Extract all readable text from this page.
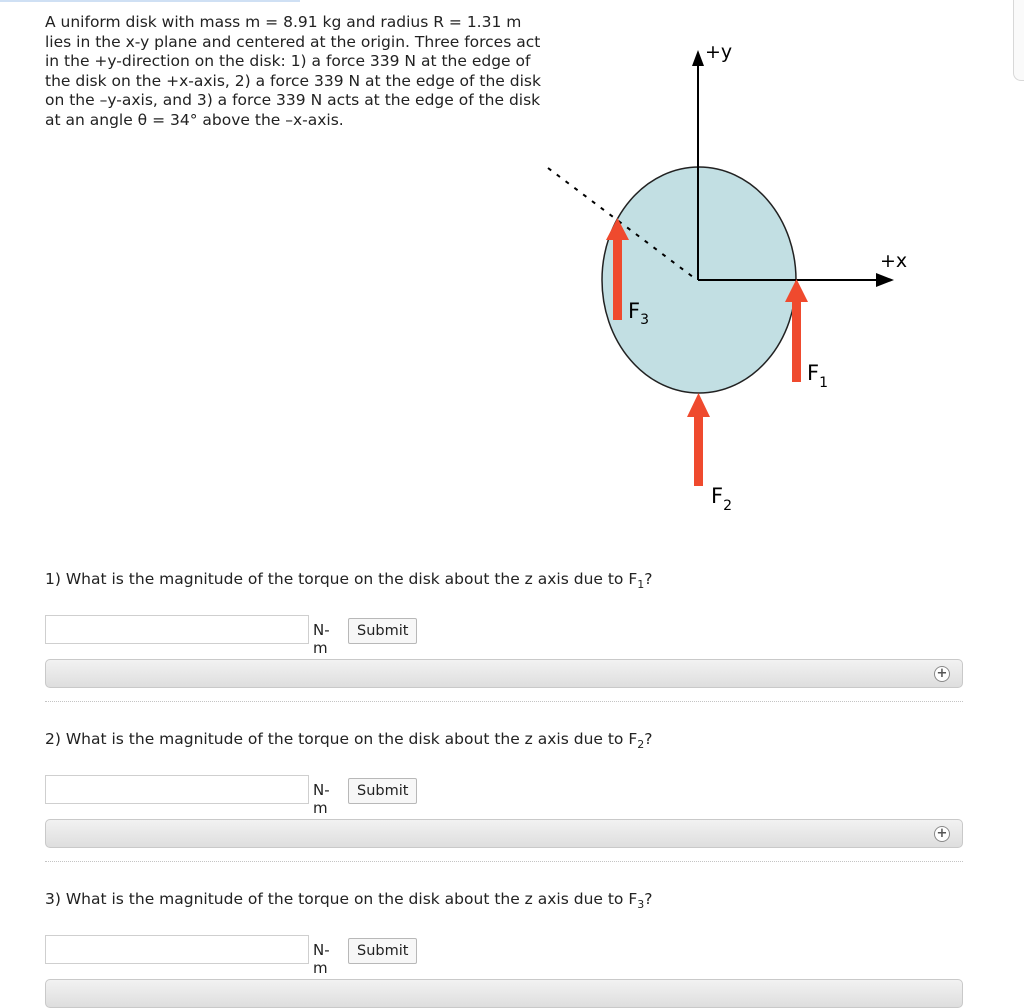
A uniform disk with mass m = 8.91 kg and radius R = 1.31 m lies in the x-y plane and centered at the origin. Three forces act in the +y-direction on the disk: 1) a force 339 N at the edge of the disk on the +x-axis, 2) a force 339 N at the edge of the disk on the –y-axis, and 3) a force 339 N acts at the edge of the disk at an angle θ = 34° above the –x-axis.
+y
+x
$F_3$
$F_1$
$F_2$
1) What is the magnitude of the torque on the disk about the z axis due to $F_1$?
N-m
Submit
+
2) What is the magnitude of the torque on the disk about the z axis due to $F_2$?
N-m
Submit
+
3) What is the magnitude of the torque on the disk about the z axis due to $F_3$?
N-m
Submit
